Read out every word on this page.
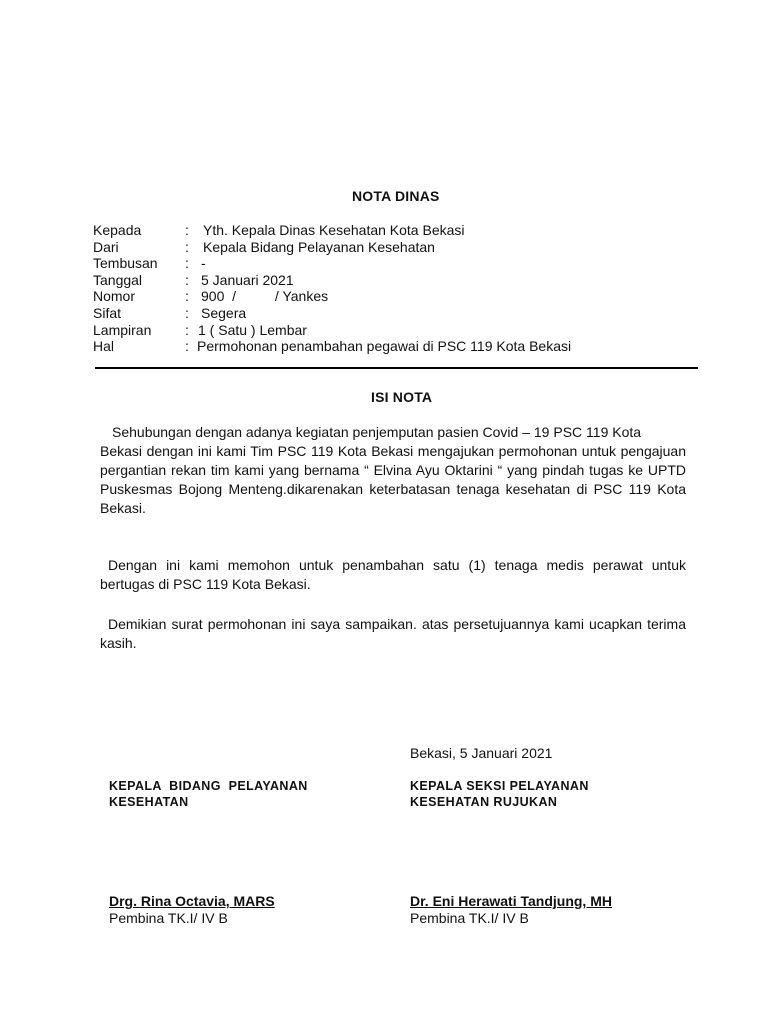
NOTA DINAS
Kepada	: Yth. Kepala Dinas Kesehatan Kota Bekasi
Dari	: Kepala Bidang Pelayanan Kesehatan
Tembusan : -
Tanggal	: 5 Januari 2021
Nomor	: 900  /          / Yankes
Sifat	: Segera
Lampiran : 1 ( Satu ) Lembar
Hal	: Permohonan penambahan pegawai di PSC 119 Kota Bekasi
ISI NOTA

Sehubungan dengan adanya kegiatan penjemputan pasien Covid – 19 PSC 119 Kota

Bekasi dengan ini kami Tim PSC 119 Kota Bekasi mengajukan permohonan untuk pengajuan pergantian rekan tim kami yang bernama “ Elvina Ayu Oktarini “ yang pindah tugas ke UPTD Puskesmas Bojong Menteng.dikarenakan keterbatasan tenaga kesehatan di PSC 119 Kota Bekasi.

Dengan ini kami memohon untuk penambahan satu (1) tenaga medis perawat untuk bertugas di PSC 119 Kota Bekasi.

Demikian surat permohonan ini saya sampaikan. atas persetujuannya kami ucapkan terima kasih.

Bekasi, 5 Januari 2021
KEPALA  BIDANG  PELAYANAN
KESEHATAN
Drg. Rina Octavia, MARS
Pembina TK.I/ IV B
KEPALA SEKSI PELAYANAN
KESEHATAN RUJUKAN
Dr. Eni Herawati Tandjung, MH
Pembina TK.I/ IV B
